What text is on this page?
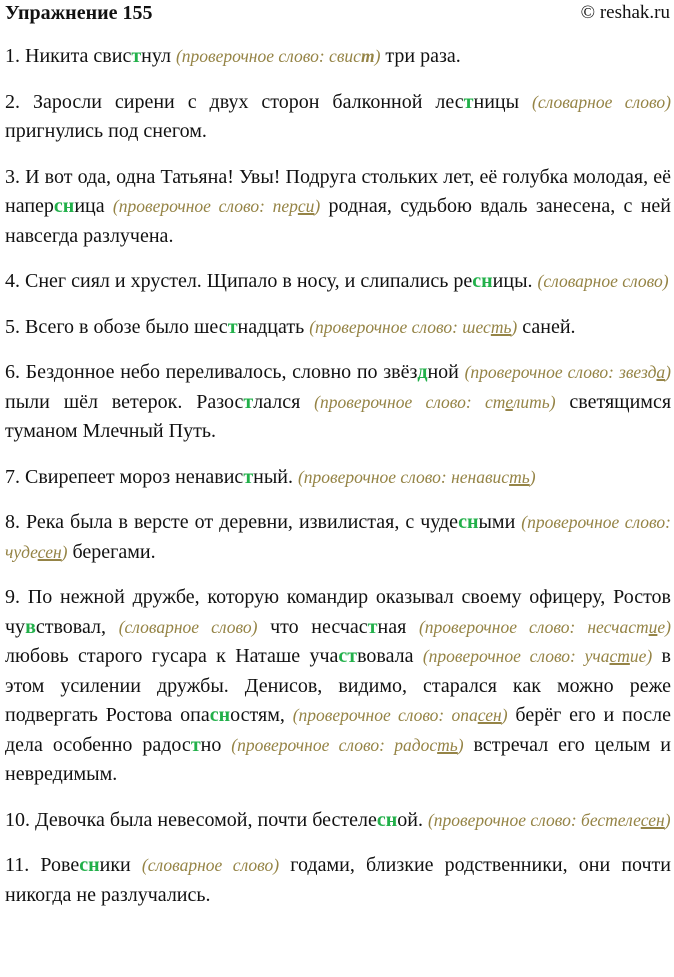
Упражнение 155	© reshak.ru

1. Никита свистнул (проверочное слово: свист) три раза.

2. Заросли сирени с двух сторон балконной лестницы (словарное слово) пригнулись под снегом.

3. И вот ода, одна Татьяна! Увы! Подруга стольких лет, её голубка молодая, её наперсница (проверочное слово: перси) родная, судьбою вдаль занесена, с ней навсегда разлучена.

4. Снег сиял и хрустел. Щипало в носу, и слипались ресницы. (словарное слово)

5. Всего в обозе было шестнадцать (проверочное слово: шесть) саней.

6. Бездонное небо переливалось, словно по звёздной (проверочное слово: звезда) пыли шёл ветерок. Разостлался (проверочное слово: стелить) светящимся туманом Млечный Путь.

7. Свирепеет мороз ненавистный. (проверочное слово: ненависть)

8. Река была в версте от деревни, извилистая, с чудесными (проверочное слово: чудесен) берегами.

9. По нежной дружбе, которую командир оказывал своему офицеру, Ростов чувствовал, (словарное слово) что несчастная (проверочное слово: несчастие) любовь старого гусара к Наташе участвовала (проверочное слово: участие) в этом усилении дружбы. Денисов, видимо, старался как можно реже подвергать Ростова опасностям, (проверочное слово: опасен) берёг его и после дела особенно радостно (проверочное слово: радость) встречал его целым и невредимым.

10. Девочка была невесомой, почти бестелесной. (проверочное слово: бестелесен)

11. Ровесники (словарное слово) годами, близкие родственники, они почти никогда не разлучались.
